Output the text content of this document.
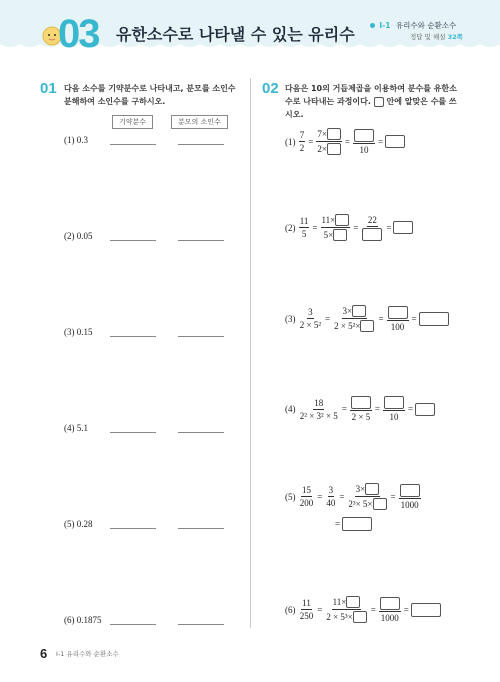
03 유한소수로 나타낼 수 있는 유리수	I-1 유리수와 순환소수
정답 및 해설 32쪽
01 다음 소수를 기약분수로 나타내고, 분모를 소인수
분해하여 소인수를 구하시오.
기약분수	분모의 소인수
(1) 0.3
(2) 0.05
(3) 0.15
(4) 5.1
(5) 0.28
(6) 0.1875
02 다음은 10의 거듭제곱을 이용하여 분수를 유한소
수로 나타내는 과정이다. 안에 알맞은 수를 쓰
시오.
(1)
$\frac{7}{2} = \frac{7\times}{2\times}$ =
10
=
(2)
$\frac{11}{5} = \frac{11\times}{5\times}$ =
22
=
(3)
$\frac{3}{\text{2 × 5²}} = \frac{3\times}{\text{2 × 5²×}}$ =
100
=
(4)
$\frac{18}{\text{2² × 3² × 5}}$ =
2 × 5
=
10
=
(5)
$\frac{15}{200} = \frac{3}{40} = \frac{3\times}{\text{2³× 5×}}$ =
1000
=
(6)
$\frac{11}{250} = \frac{11\times}{\text{2 × 5³×}}$ =
1000
=
6 I-1 유리수와 순환소수
